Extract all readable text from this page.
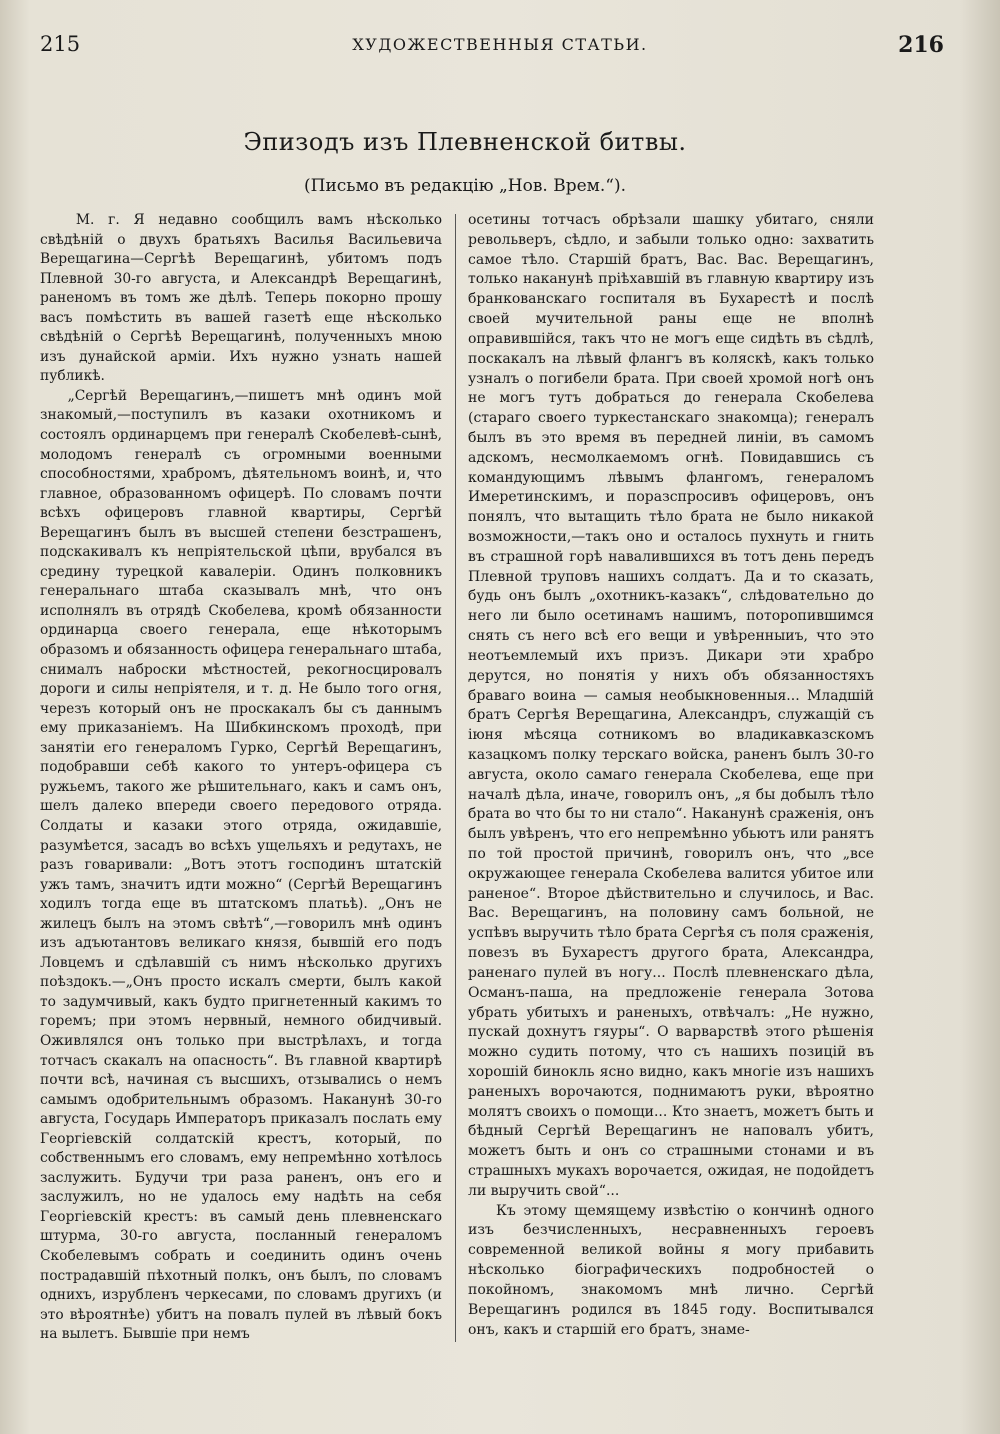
215	ХУДОЖЕСТВЕННЫЯ СТАТЬИ.	216
Эпизодъ изъ Плевненской битвы.
(Письмо въ редакцію „Нов. Врем.“).

М. г. Я недавно сообщилъ вамъ нѣсколько свѣдѣній о двухъ братьяхъ Василья Васильевича Верещагина—Сергѣѣ Верещагинѣ, убитомъ подъ Плевной 30-го августа, и Александрѣ Верещагинѣ, раненомъ въ томъ же дѣлѣ. Теперь покорно прошу васъ помѣстить въ вашей газетѣ еще нѣсколько свѣдѣній о Сергѣѣ Верещагинѣ, полученныхъ мною изъ дунайской арміи. Ихъ нужно узнать нашей публикѣ.

„Сергѣй Верещагинъ,—пишетъ мнѣ одинъ мой знакомый,—поступилъ въ казаки охотникомъ и состоялъ ординарцемъ при генералѣ Скобелевѣ-сынѣ, молодомъ генералѣ съ огромными военными способностями, храбромъ, дѣятельномъ воинѣ, и, что главное, образованномъ офицерѣ. По словамъ почти всѣхъ офицеровъ главной квартиры, Сергѣй Верещагинъ былъ въ высшей степени безстрашенъ, подскакивалъ къ непріятельской цѣпи, врубался въ средину турецкой кавалеріи. Одинъ полковникъ генеральнаго штаба сказывалъ мнѣ, что онъ исполнялъ въ отрядѣ Скобелева, кромѣ обязанности ординарца своего генерала, еще нѣкоторымъ образомъ и обязанность офицера генеральнаго штаба, снималъ наброски мѣстностей, рекогносцировалъ дороги и силы непріятеля, и т. д. Не было того огня, черезъ который онъ не проскакалъ бы съ даннымъ ему приказаніемъ. На Шибкинскомъ проходѣ, при занятіи его генераломъ Гурко, Сергѣй Верещагинъ, подобравши себѣ какого то унтеръ-офицера съ ружьемъ, такого же рѣшительнаго, какъ и самъ онъ, шелъ далеко впереди своего передового отряда. Солдаты и казаки этого отряда, ожидавшіе, разумѣется, засадъ во всѣхъ ущельяхъ и редутахъ, не разъ говаривали: „Вотъ этотъ господинъ штатскій ужъ тамъ, значитъ идти можно“ (Сергѣй Верещагинъ ходилъ тогда еще въ штатскомъ платьѣ). „Онъ не жилецъ былъ на этомъ свѣтѣ“,—говорилъ мнѣ одинъ изъ адъютантовъ великаго князя, бывшій его подъ Ловцемъ и сдѣлавшій съ нимъ нѣсколько другихъ поѣздокъ.—„Онъ просто искалъ смерти, былъ какой то задумчивый, какъ будто пригнетенный какимъ то горемъ; при этомъ нервный, немного обидчивый. Оживлялся онъ только при выстрѣлахъ, и тогда тотчасъ скакалъ на опасность“. Въ главной квартирѣ почти всѣ, начиная съ высшихъ, отзывались о немъ самымъ одобрительнымъ образомъ. Наканунѣ 30-го августа, Государь Императоръ приказалъ послать ему Георгіевскій солдатскій крестъ, который, по собственнымъ его словамъ, ему непремѣнно хотѣлось заслужить. Будучи три раза раненъ, онъ его и заслужилъ, но не удалось ему надѣть на себя Георгіевскій крестъ: въ самый день плевненскаго штурма, 30-го августа, посланный генераломъ Скобелевымъ собрать и соединить одинъ очень пострадавшій пѣхотный полкъ, онъ былъ, по словамъ однихъ, изрубленъ черкесами, по словамъ другихъ (и это вѣроятнѣе) убитъ на повалъ пулей въ лѣвый бокъ на вылетъ. Бывшіе при немъ

осетины тотчасъ обрѣзали шашку убитаго, сняли револьверъ, сѣдло, и забыли только одно: захватить самое тѣло. Старшій братъ, Вас. Вас. Верещагинъ, только наканунѣ пріѣхавшій въ главную квартиру изъ бранкованскаго госпиталя въ Бухарестѣ и послѣ своей мучительной раны еще не вполнѣ оправившійся, такъ что не могъ еще сидѣть въ сѣдлѣ, поскакалъ на лѣвый флангъ въ коляскѣ, какъ только узналъ о погибели брата. При своей хромой ногѣ онъ не могъ тутъ добраться до генерала Скобелева (стараго своего туркестанскаго знакомца); генералъ былъ въ это время въ передней линіи, въ самомъ адскомъ, несмолкаемомъ огнѣ. Повидавшись съ командующимъ лѣвымъ флангомъ, генераломъ Имеретинскимъ, и поразспросивъ офицеровъ, онъ понялъ, что вытащить тѣло брата не было никакой возможности,—такъ оно и осталось пухнуть и гнить въ страшной горѣ навалившихся въ тотъ день передъ Плевной труповъ нашихъ солдатъ. Да и то сказать, будь онъ былъ „охотникъ-казакъ“, слѣдовательно до него ли было осетинамъ нашимъ, поторопившимся снять съ него всѣ его вещи и увѣренныиъ, что это неотъемлемый ихъ призъ. Дикари эти храбро дерутся, но понятія у нихъ объ обязанностяхъ браваго воина — самыя необыкновенныя... Младшій братъ Сергѣя Верещагина, Александръ, служащій съ іюня мѣсяца сотникомъ во владикавказскомъ казацкомъ полку терскаго войска, раненъ былъ 30-го августа, около самаго генерала Скобелева, еще при началѣ дѣла, иначе, говорилъ онъ, „я бы добылъ тѣло брата во что бы то ни стало“. Наканунѣ сраженія, онъ былъ увѣренъ, что его непремѣнно убьютъ или ранятъ по той простой причинѣ, говорилъ онъ, что „все окружающее генерала Скобелева валится убитое или раненое“. Второе дѣйствительно и случилось, и Вас. Вас. Верещагинъ, на половину самъ больной, не успѣвъ выручить тѣло брата Сергѣя съ поля сраженія, повезъ въ Бухарестъ другого брата, Александра, раненаго пулей въ ногу... Послѣ плевненскаго дѣла, Османъ-паша, на предложеніе генерала Зотова убрать убитыхъ и раненыхъ, отвѣчалъ: „Не нужно, пускай дохнутъ гяуры“. О варварствѣ этого рѣшенія можно судить потому, что съ нашихъ позицій въ хорошій бинокль ясно видно, какъ многіе изъ нашихъ раненыхъ ворочаются, поднимаютъ руки, вѣроятно молятъ своихъ о помощи... Кто знаетъ, можетъ быть и бѣдный Сергѣй Верещагинъ не наповалъ убитъ, можетъ быть и онъ со страшными стонами и въ страшныхъ мукахъ ворочается, ожидая, не подойдетъ ли выручить свой“...

Къ этому щемящему извѣстію о кончинѣ одного изъ безчисленныхъ, несравненныхъ героевъ современной великой войны я могу прибавить нѣсколько біографическихъ подробностей о покойномъ, знакомомъ мнѣ лично. Сергѣй Верещагинъ родился въ 1845 году. Воспитывался онъ, какъ и старшій его братъ, знаме-
